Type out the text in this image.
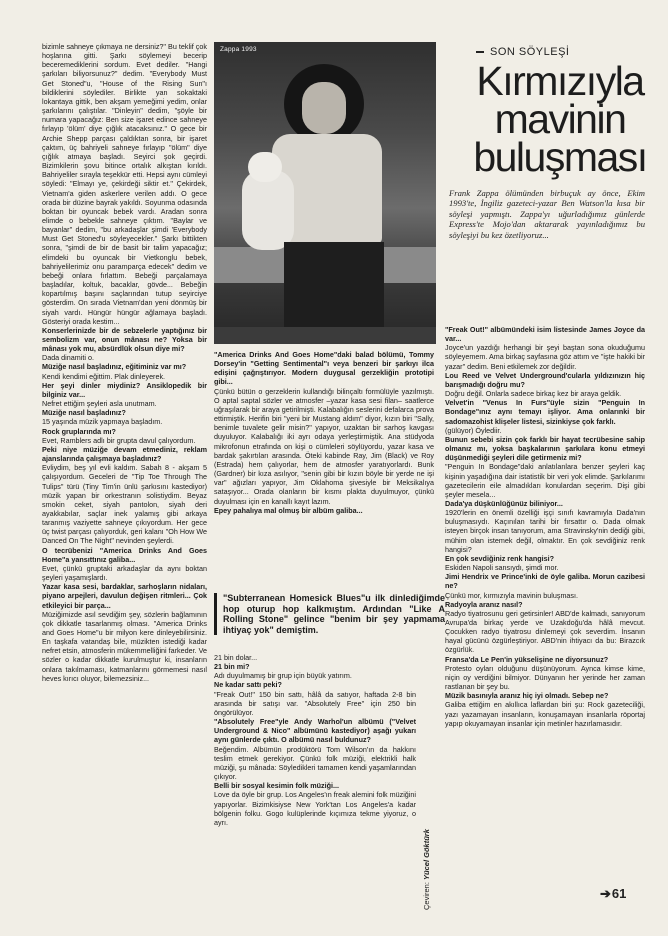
bizimle sahneye çıkmaya ne dersiniz?" Bu teklif çok hoşlarına gitti. Şarkı söylemeyi becerip beceremediklerini sordum. Evet dediler. "Hangi şarkıları biliyorsunuz?" dedim. "Everybody Must Get Stoned"u, "House of the Rising Sun"ı bildiklerini söylediler. Birlikte yan sokaktaki lokantaya gittik, ben akşam yemeğimi yedim, onlar şarkılarını çalıştılar. "Dinleyin" dedim, "şöyle bir numara yapacağız: Ben size işaret edince sahneye fırlayıp 'ölüm' diye çığlık atacaksınız." O gece bir Archie Shepp parçası çaldıktan sonra, bir işaret çaktım, üç bahriyeli sahneye fırlayıp "ölüm" diye çığlık atmaya başladı. Seyirci şok geçirdi. Bizimkilerin şovu bitince ortalık alkıştan kırıldı. Bahriyeliler sırayla teşekkür etti. Hepsi aynı cümleyi söyledi: "Elmayı ye, çekirdeği siktir et." Çekirdek, Vietnam'a giden askerlere verilen addı. O gece orada bir düzine bayrak yakıldı. Soyunma odasında boktan bir oyuncak bebek vardı. Aradan sonra elimde o bebekle sahneye çıktım. "Baylar ve bayanlar" dedim, "bu arkadaşlar şimdi 'Everybody Must Get Stoned'u söyleyecekler." Şarkı bittikten sonra, "şimdi de bir de basit bir talim yapacağız; elimdeki bu oyuncak bir Vietkonglu bebek, bahriyelilerimiz onu paramparça edecek" dedim ve bebeği onlara fırlattım. Bebeği parçalamaya başladılar, koltuk, bacaklar, gövde... Bebeğin kopartılmış başını saçlarından tutup seyirciye gösterdim. On sırada Vietnam'dan yeni dönmüş bir siyah vardı. Hüngür hüngür ağlamaya başladı. Gösteriyi orada kestim...

Konserlerinizde bir de sebzelerle yaptığınız bir sembolizm var, onun mânası ne? Yoksa bir mânası yok mu, absürdlük olsun diye mi?

Dada dinamiti o.

Müziğe nasıl başladınız, eğitiminiz var mı?

Kendi kendimi eğittim. Plak dinleyerek.

Her şeyi dinler miydiniz? Ansiklopedik bir bilginiz var...

Nefret ettiğim şeyleri asla unutmam.

Müziğe nasıl başladınız?

15 yaşında müzik yapmaya başladım.

Rock gruplarında mı?

Evet, Ramblers adlı bir grupta davul çalıyordum.

Peki niye müziğe devam etmediniz, reklam ajanslarında çalışmaya başladınız?

Evliydim, beş yıl evli kaldım. Sabah 8 - akşam 5 çalışıyordum. Geceleri de "Tip Toe Through The Tulips" türü (Tiny Tim'in ünlü şarkısını kastediyor) müzik yapan bir orkestranın solistiydim. Beyaz smokin ceket, siyah pantolon, siyah deri ayakkabılar, saçlar inek yalamış gibi arkaya taranmış vaziyette sahneye çıkıyordum. Her gece üç twist parçası çalıyorduk, geri kalanı "Oh How We Danced On The Night" nevinden şeylerdi.

O tecrübenizi "America Drinks And Goes Home"a yansıttınız galiba...

Evet, çünkü gruptaki arkadaşlar da aynı boktan şeyleri yaşamışlardı.

Yazar kasa sesi, bardaklar, sarhoşların nidaları, piyano arpejleri, davulun değişen ritmleri... Çok etkileyici bir parça...

Müziğimizde asıl sevdiğim şey, sözlerin bağlamının çok dikkatle tasarlanmış olması. "America Drinks and Goes Home"u bir milyon kere dinleyebilirsiniz. En taşkafa vatandaş bile, müzikten istediği kadar nefret etsin, atmosferin mükemmelliğini farkeder. Ve sözler o kadar dikkatle kurulmuştur ki, insanların onlara takılmaması, katmanlarını görmemesi nasıl heves kırıcı oluyor, bilemezsiniz...

Zappa 1993

"America Drinks And Goes Home"daki balad bölümü, Tommy Dorsey'in "Getting Sentimental"ı veya benzeri bir şarkıyı ilca edişini çağrıştırıyor. Modern duygusal gerzekliğin prototipi gibi...

Çünkü bütün o gerzeklerin kullandığı bilinçaltı formülüyle yazılmıştı. O aptal saptal sözler ve atmosfer –yazar kasa sesi filan– saatlerce uğraşılarak bir araya getirilmişti. Kalabalığın seslerini defalarca prova ettirmiştik. Herifin biri "yeni bir Mustang aldım" diyor, kızın biri "Sally, benimle tuvalete gelir misin?" yapıyor, uzaktan bir sarhoş kavgası duyuluyor. Kalabalığı iki ayrı odaya yerleştirmiştik. Ana stüdyoda mikrofonun etrafında on kişi o cümleleri söylüyordu, yazar kasa ve bardak şakırtıları arasında. Öteki kabinde Ray, Jim (Black) ve Roy (Estrada) hem çalıyorlar, hem de atmosfer yaratıyorlardı. Bunk (Gardner) bir kıza asılıyor, "senin gibi bir kızın böyle bir yerde ne işi var" ağızları yapıyor, Jim Oklahoma şivesiyle bir Meksikalıya sataşıyor... Orada olanların bir kısmı plakta duyulmuyor, çünkü duyulması için en kanallı kayıt lazım.

Epey pahalıya mal olmuş bir albüm galiba...

"Subterranean Homesick Blues"u ilk dinlediğimde hop oturup hop kalkmıştım. Ardından "Like A Rolling Stone" gelince "benim bir şey yapmama ihtiyaç yok" demiştim.

21 bin dolar...

21 bin mi?

Adı duyulmamış bir grup için büyük yatırım.

Ne kadar sattı peki?

"Freak Out!" 150 bin sattı, hâlâ da satıyor, haftada 2-8 bin arasında bir satışı var. "Absolutely Free" için 250 bin öngörülüyor.

"Absolutely Free"yle Andy Warhol'un albümü ("Velvet Underground & Nico" albümünü kastediyor) aşağı yukarı aynı günlerde çıktı. O albümü nasıl buldunuz?

Beğendim. Albümün prodüktörü Tom Wilson'ın da hakkını teslim etmek gerekiyor. Çünkü folk müziği, elektrikli halk müziği, şu mânada: Söyledikleri tamamen kendi yaşamlarından çıkıyor.

Belli bir sosyal kesimin folk müziği...

Love da öyle bir grup. Los Angeles'ın freak alemini folk müziğini yapıyorlar. Bizimkisiyse New York'tan Los Angeles'a kadar bölgenin folku. Gogo kulüplerinde kıçımıza tekme yiyoruz, o ayrı.

SON SÖYLEŞİ
Kırmızıyla
mavinin
buluşması
Frank Zappa ölümünden birbuçuk ay önce, Ekim 1993'te, İngiliz gazeteci-yazar Ben Watson'la kısa bir söyleşi yapmıştı. Zappa'yı uğurladığımız günlerde Express'te Mojo'dan aktararak yayınladığımız bu söyleşiyi bu kez özetliyoruz...

"Freak Out!" albümündeki isim listesinde James Joyce da var...

Joyce'un yazdığı herhangi bir şeyi baştan sona okuduğumu söyleyemem. Ama birkaç sayfasına göz attım ve "işte hakiki bir yazar" dedim. Beni etkilemek zor değildir.

Lou Reed ve Velvet Underground'cularla yıldızınızın hiç barışmadığı doğru mu?

Doğru değil. Onlarla sadece birkaç kez bir araya geldik.

Velvet'in "Venus In Furs"üyle sizin "Penguin In Bondage"ınız aynı temayı işliyor. Ama onlarınki bir sadomazohist klişeler listesi, sizinkiyse çok farklı.

(gülüyor) Öylediir.

Bunun sebebi sizin çok farklı bir hayat tecrübesine sahip olmanız mı, yoksa başkalarının şarkılara konu etmeyi düşünmediği şeyleri dile getirmeniz mi?

"Penguin In Bondage"daki anlatılanlara benzer şeyleri kaç kişinin yaşadığına dair istatistik bir veri yok elimde. Şarkılarımı gazetecilerin eile almadıkları konulardan seçerim. Dişi gibi şeyler mesela...

Dada'ya düşkünlüğünüz biliniyor...

1920'lerin en önemli özelliği işçi sınıfı kavramıyla Dada'nın buluşmasıydı. Kaçınılan tarihi bir fırsattır o. Dada olmak isteyen birçok insan tanıyorum, ama Stravinsky'nin dediği gibi, mühim olan istemek değil, olmaktır. En çok sevdiğiniz renk hangisi?

En çok sevdiğiniz renk hangisi?

Eskiden Napoli sansıydı, şimdi mor.

Jimi Hendrix ve Prince'inki de öyle galiba. Morun cazibesi ne?

Çünkü mor, kırmızıyla mavinin buluşması.

Radyoyla aranız nasıl?

Radyo tiyatrosunu geri getirsinler! ABD'de kalmadı, sanıyorum Avrupa'da birkaç yerde ve Uzakdoğu'da hâlâ mevcut. Çocukken radyo tiyatrosu dinlemeyi çok severdim. İnsanın hayal gücünü özgürleştiriyor. ABD'nin ihtiyacı da bu: Birazcık özgürlük.

Fransa'da Le Pen'in yükselişine ne diyorsunuz?

Protesto oyları olduğunu düşünüyorum. Aynca kimse kime, niçin oy verdiğini bilmiyor. Dünyanın her yerinde her zaman rastlanan bir şey bu.

Müzik basınıyla aranız hiç iyi olmadı. Sebep ne?

Galiba ettiğim en akıllıca laflardan biri şu: Rock gazeteciliği, yazı yazamayan insanların, konuşamayan insanlarla röportaj yapıp okuyamayan insanlar için metinler hazırlamasıdır.

Çeviren: Yücel Göktürk
➔61
